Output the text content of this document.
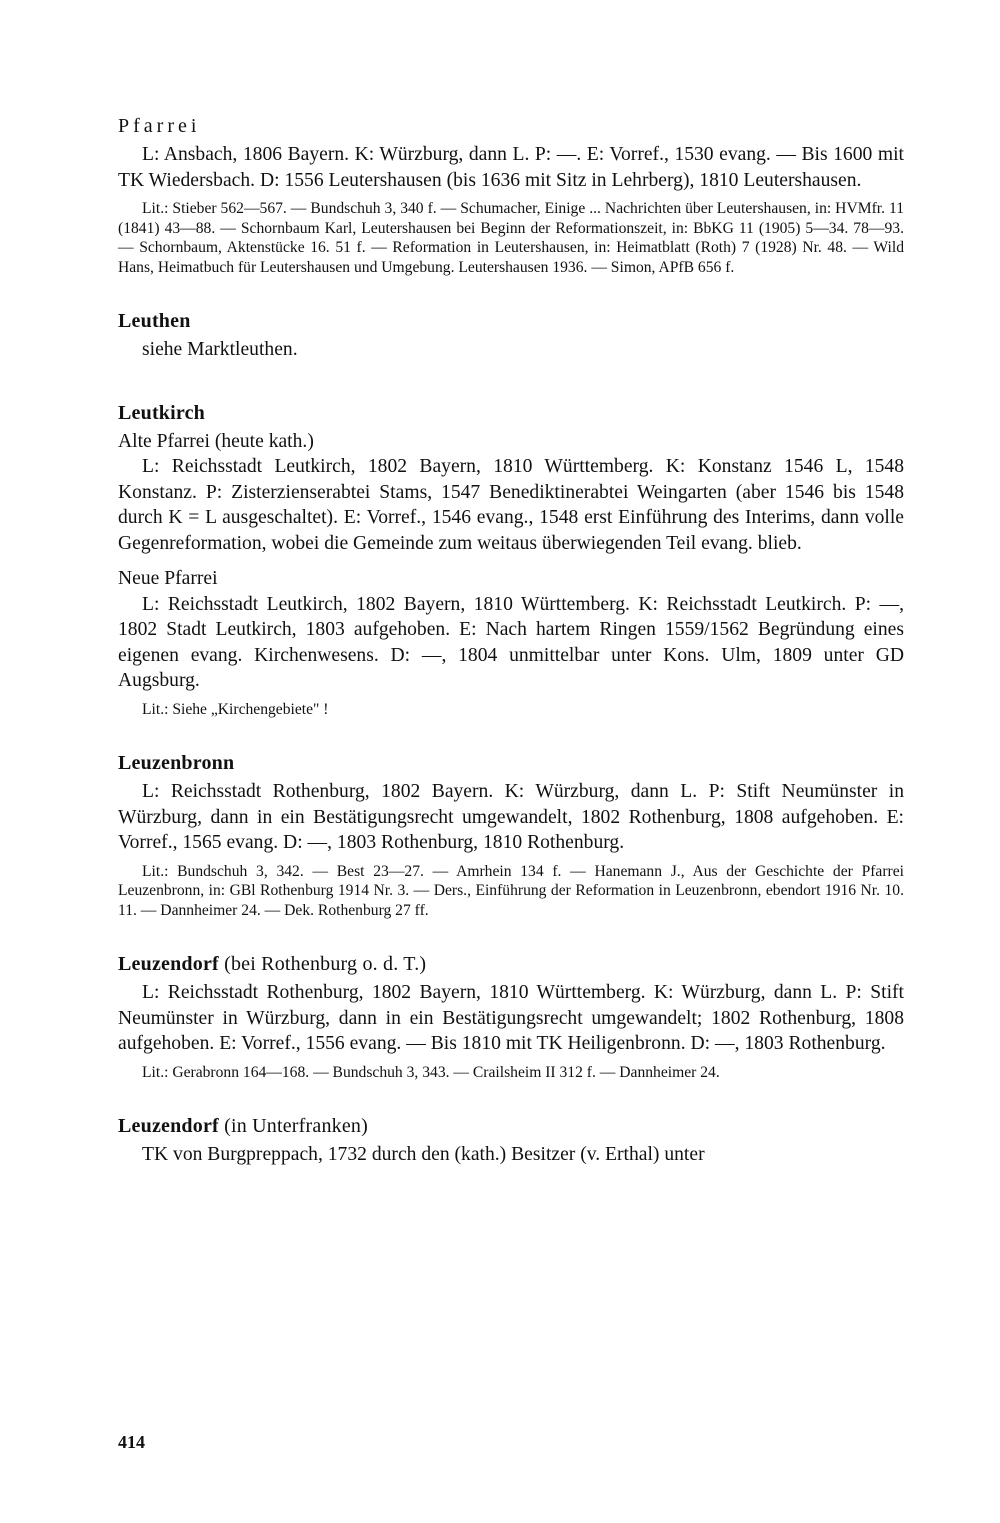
Pfarrei

L: Ansbach, 1806 Bayern. K: Würzburg, dann L. P: —. E: Vorref., 1530 evang. — Bis 1600 mit TK Wiedersbach. D: 1556 Leutershausen (bis 1636 mit Sitz in Lehrberg), 1810 Leutershausen.

Lit.: Stieber 562—567. — Bundschuh 3, 340 f. — Schumacher, Einige ... Nachrichten über Leutershausen, in: HVMfr. 11 (1841) 43—88. — Schornbaum Karl, Leutershausen bei Beginn der Reformationszeit, in: BbKG 11 (1905) 5—34. 78—93. — Schornbaum, Aktenstücke 16. 51 f. — Reformation in Leutershausen, in: Heimatblatt (Roth) 7 (1928) Nr. 48. — Wild Hans, Heimatbuch für Leutershausen und Umgebung. Leutershausen 1936. — Simon, APfB 656 f.

Leuthen

siehe Marktleuthen.

Leutkirch

Alte Pfarrei (heute kath.)

L: Reichsstadt Leutkirch, 1802 Bayern, 1810 Württemberg. K: Konstanz 1546 L, 1548 Konstanz. P: Zisterzienserabtei Stams, 1547 Benediktinerabtei Weingarten (aber 1546 bis 1548 durch K = L ausgeschaltet). E: Vorref., 1546 evang., 1548 erst Einführung des Interims, dann volle Gegenreformation, wobei die Gemeinde zum weitaus überwiegenden Teil evang. blieb.

Neue Pfarrei

L: Reichsstadt Leutkirch, 1802 Bayern, 1810 Württemberg. K: Reichsstadt Leutkirch. P: —, 1802 Stadt Leutkirch, 1803 aufgehoben. E: Nach hartem Ringen 1559/1562 Begründung eines eigenen evang. Kirchenwesens. D: —, 1804 unmittelbar unter Kons. Ulm, 1809 unter GD Augsburg.

Lit.: Siehe „Kirchengebiete" !

Leuzenbronn

L: Reichsstadt Rothenburg, 1802 Bayern. K: Würzburg, dann L. P: Stift Neumünster in Würzburg, dann in ein Bestätigungsrecht umgewandelt, 1802 Rothenburg, 1808 aufgehoben. E: Vorref., 1565 evang. D: —, 1803 Rothenburg, 1810 Rothenburg.

Lit.: Bundschuh 3, 342. — Best 23—27. — Amrhein 134 f. — Hanemann J., Aus der Geschichte der Pfarrei Leuzenbronn, in: GBl Rothenburg 1914 Nr. 3. — Ders., Einführung der Reformation in Leuzenbronn, ebendort 1916 Nr. 10. 11. — Dannheimer 24. — Dek. Rothenburg 27 ff.

Leuzendorf (bei Rothenburg o. d. T.)

L: Reichsstadt Rothenburg, 1802 Bayern, 1810 Württemberg. K: Würzburg, dann L. P: Stift Neumünster in Würzburg, dann in ein Bestätigungsrecht umgewandelt; 1802 Rothenburg, 1808 aufgehoben. E: Vorref., 1556 evang. — Bis 1810 mit TK Heiligenbronn. D: —, 1803 Rothenburg.

Lit.: Gerabronn 164—168. — Bundschuh 3, 343. — Crailsheim II 312 f. — Dannheimer 24.

Leuzendorf (in Unterfranken)

TK von Burgpreppach, 1732 durch den (kath.) Besitzer (v. Erthal) unter

414
